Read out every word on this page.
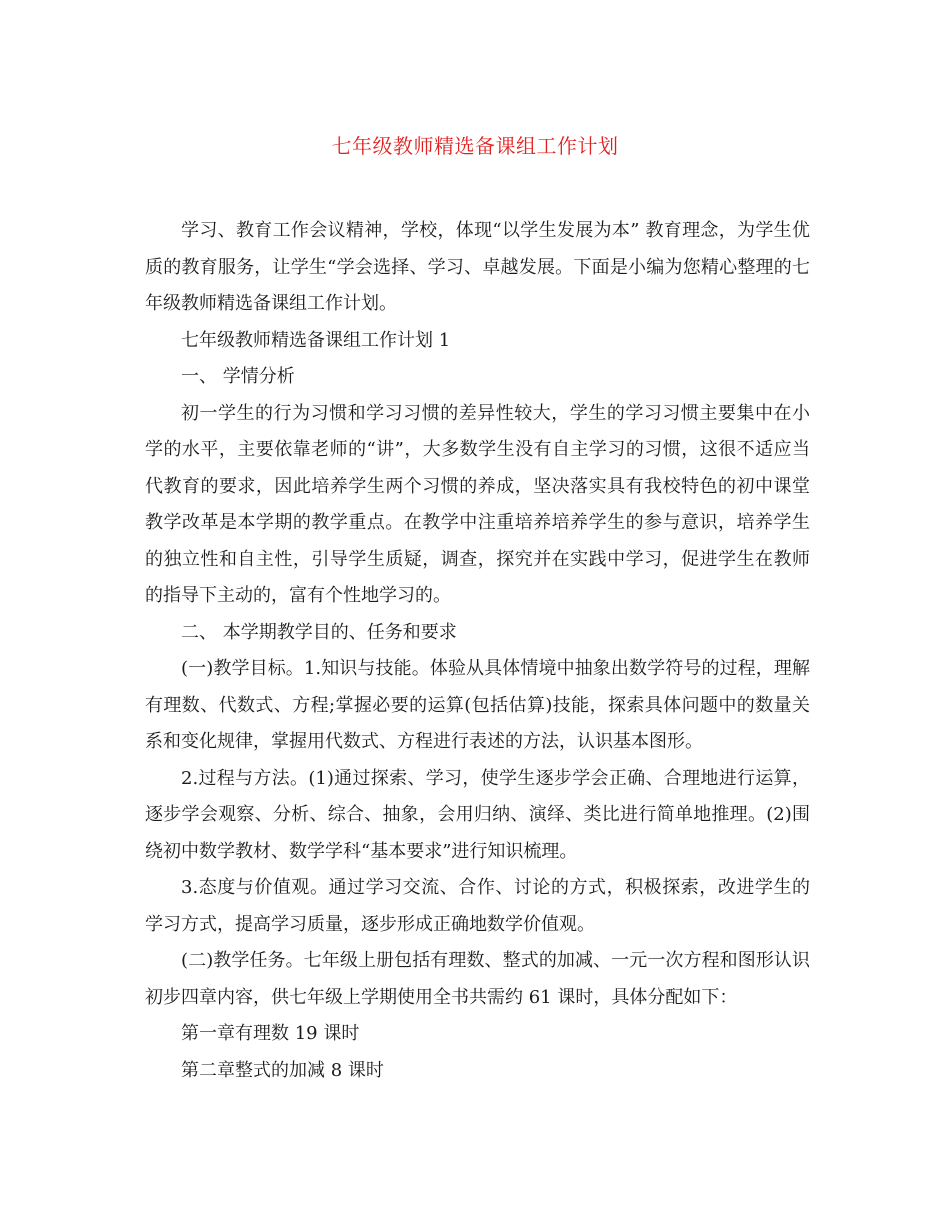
七年级教师精选备课组工作计划

学习、教育工作会议精神，学校，体现“以学生发展为本” 教育理念，为学生优质的教育服务，让学生“学会选择、学习、卓越发展。下面是小编为您精心整理的七年级教师精选备课组工作计划。

七年级教师精选备课组工作计划 1

一、 学情分析

初一学生的行为习惯和学习习惯的差异性较大，学生的学习习惯主要集中在小学的水平，主要依靠老师的“讲”，大多数学生没有自主学习的习惯，这很不适应当代教育的要求，因此培养学生两个习惯的养成，坚决落实具有我校特色的初中课堂教学改革是本学期的教学重点。在教学中注重培养培养学生的参与意识，培养学生的独立性和自主性，引导学生质疑，调查，探究并在实践中学习，促进学生在教师的指导下主动的，富有个性地学习的。

二、 本学期教学目的、任务和要求

(一)教学目标。1.知识与技能。体验从具体情境中抽象出数学符号的过程，理解有理数、代数式、方程;掌握必要的运算(包括估算)技能，探索具体问题中的数量关系和变化规律，掌握用代数式、方程进行表述的方法，认识基本图形。

2.过程与方法。(1)通过探索、学习，使学生逐步学会正确、合理地进行运算，逐步学会观察、分析、综合、抽象，会用归纳、演绎、类比进行简单地推理。(2)围绕初中数学教材、数学学科“基本要求”进行知识梳理。

3.态度与价值观。通过学习交流、合作、讨论的方式，积极探索，改进学生的学习方式，提高学习质量，逐步形成正确地数学价值观。

(二)教学任务。七年级上册包括有理数、整式的加减、一元一次方程和图形认识初步四章内容，供七年级上学期使用全书共需约 61 课时，具体分配如下：

第一章有理数 19 课时

第二章整式的加减 8 课时
